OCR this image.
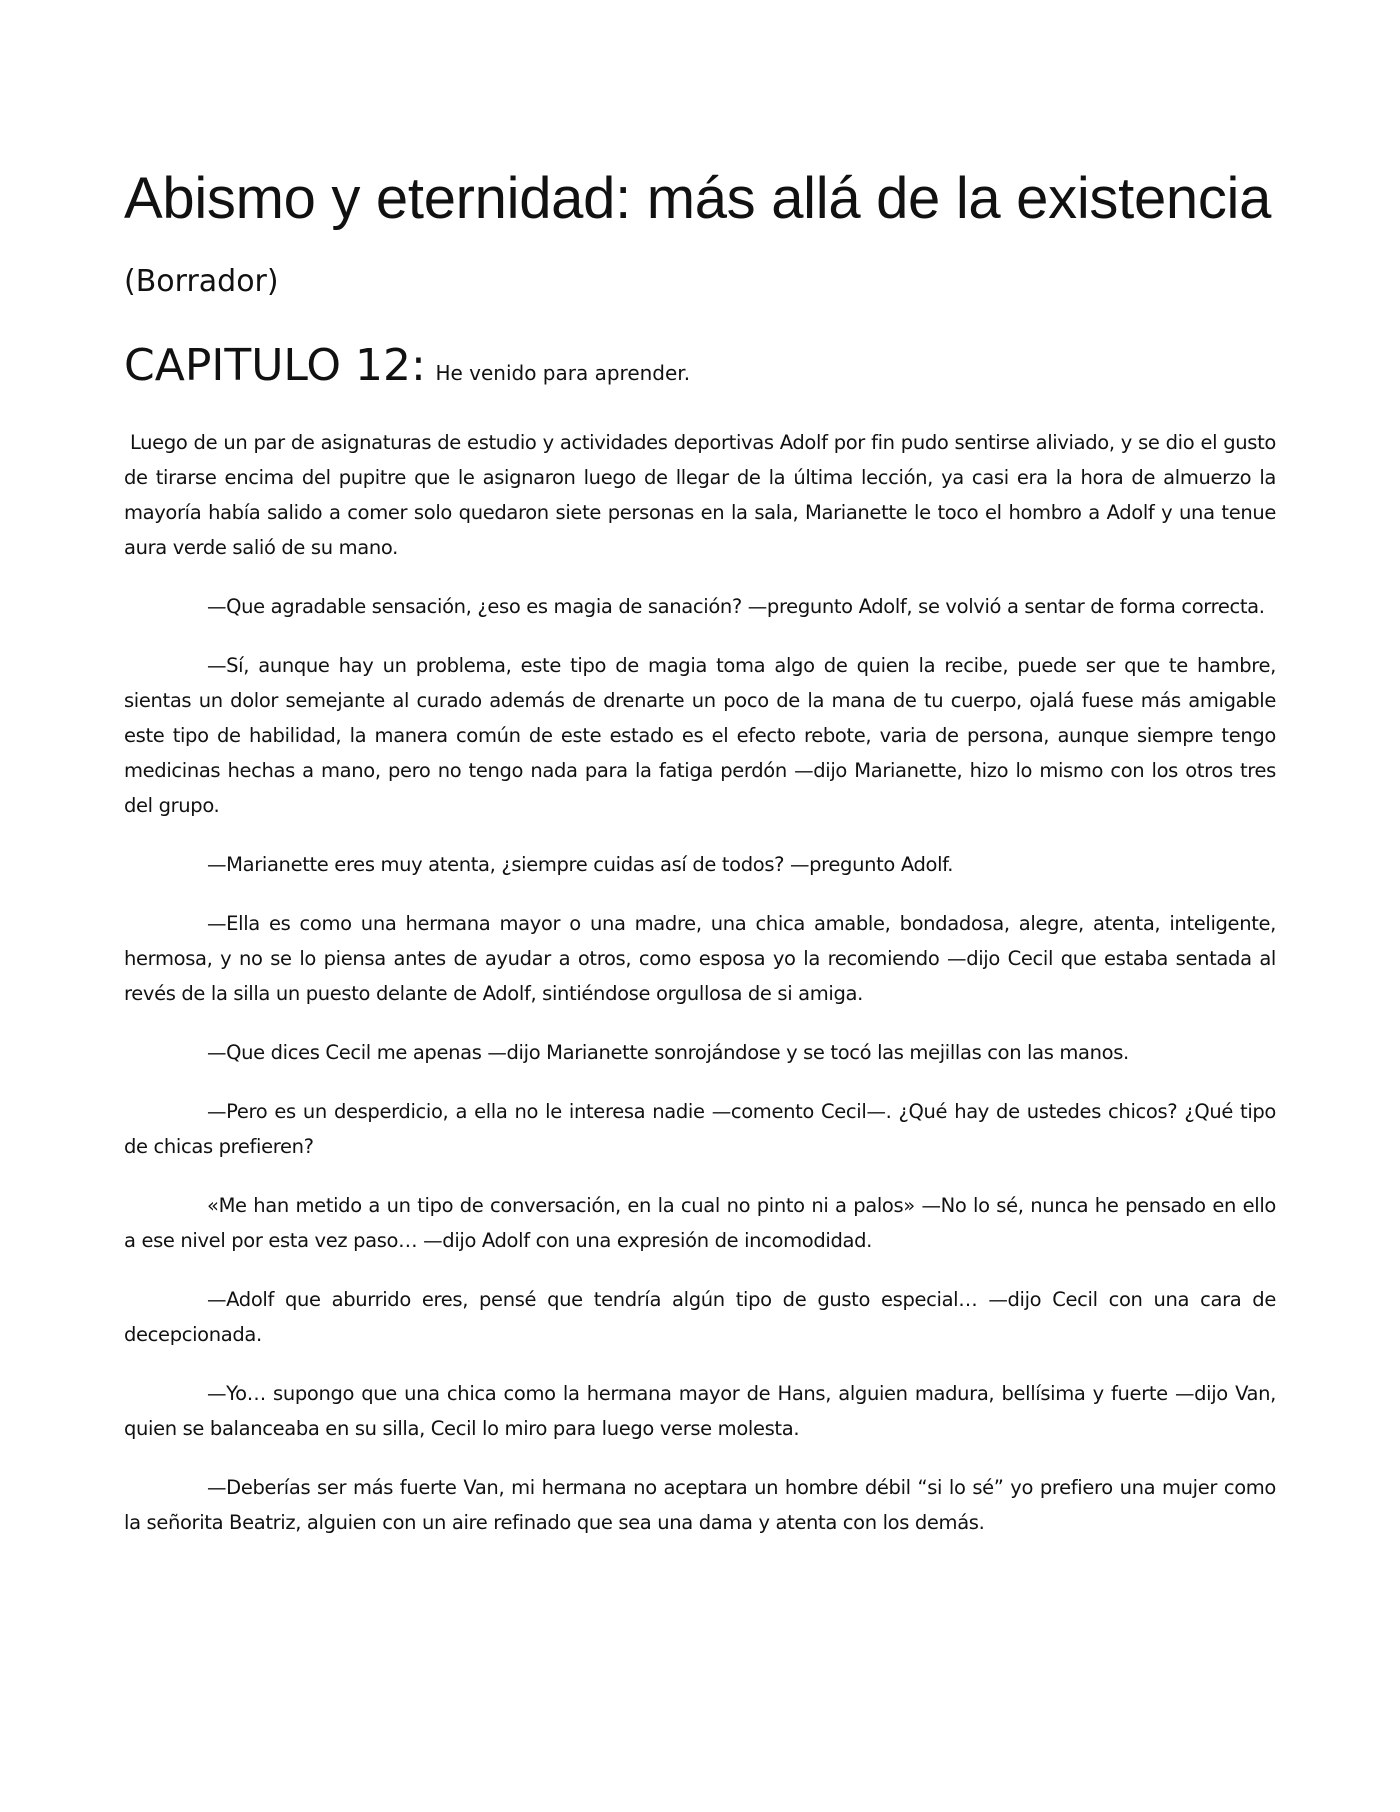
Abismo y eternidad: más allá de la existencia
(Borrador)
CAPITULO 12: He venido para aprender.

Luego de un par de asignaturas de estudio y actividades deportivas Adolf por fin pudo sentirse aliviado, y se dio el gusto de tirarse encima del pupitre que le asignaron luego de llegar de la última lección, ya casi era la hora de almuerzo la mayoría había salido a comer solo quedaron siete personas en la sala, Marianette le toco el hombro a Adolf y una tenue aura verde salió de su mano.

—Que agradable sensación, ¿eso es magia de sanación? —pregunto Adolf, se volvió a sentar de forma correcta.

—Sí, aunque hay un problema, este tipo de magia toma algo de quien la recibe, puede ser que te hambre, sientas un dolor semejante al curado además de drenarte un poco de la mana de tu cuerpo, ojalá fuese más amigable este tipo de habilidad, la manera común de este estado es el efecto rebote, varia de persona, aunque siempre tengo medicinas hechas a mano, pero no tengo nada para la fatiga perdón —dijo Marianette, hizo lo mismo con los otros tres del grupo.

—Marianette eres muy atenta, ¿siempre cuidas así de todos? —pregunto Adolf.

—Ella es como una hermana mayor o una madre, una chica amable, bondadosa, alegre, atenta, inteligente, hermosa, y no se lo piensa antes de ayudar a otros, como esposa yo la recomiendo —dijo Cecil que estaba sentada al revés de la silla un puesto delante de Adolf, sintiéndose orgullosa de si amiga.

—Que dices Cecil me apenas —dijo Marianette sonrojándose y se tocó las mejillas con las manos.

—Pero es un desperdicio, a ella no le interesa nadie —comento Cecil—. ¿Qué hay de ustedes chicos? ¿Qué tipo de chicas prefieren?

«Me han metido a un tipo de conversación, en la cual no pinto ni a palos» —No lo sé, nunca he pensado en ello a ese nivel por esta vez paso… —dijo Adolf con una expresión de incomodidad.

—Adolf que aburrido eres, pensé que tendría algún tipo de gusto especial… —dijo Cecil con una cara de decepcionada.

—Yo… supongo que una chica como la hermana mayor de Hans, alguien madura, bellísima y fuerte —dijo Van, quien se balanceaba en su silla, Cecil lo miro para luego verse molesta.

—Deberías ser más fuerte Van, mi hermana no aceptara un hombre débil “si lo sé” yo prefiero una mujer como la señorita Beatriz, alguien con un aire refinado que sea una dama y atenta con los demás.
